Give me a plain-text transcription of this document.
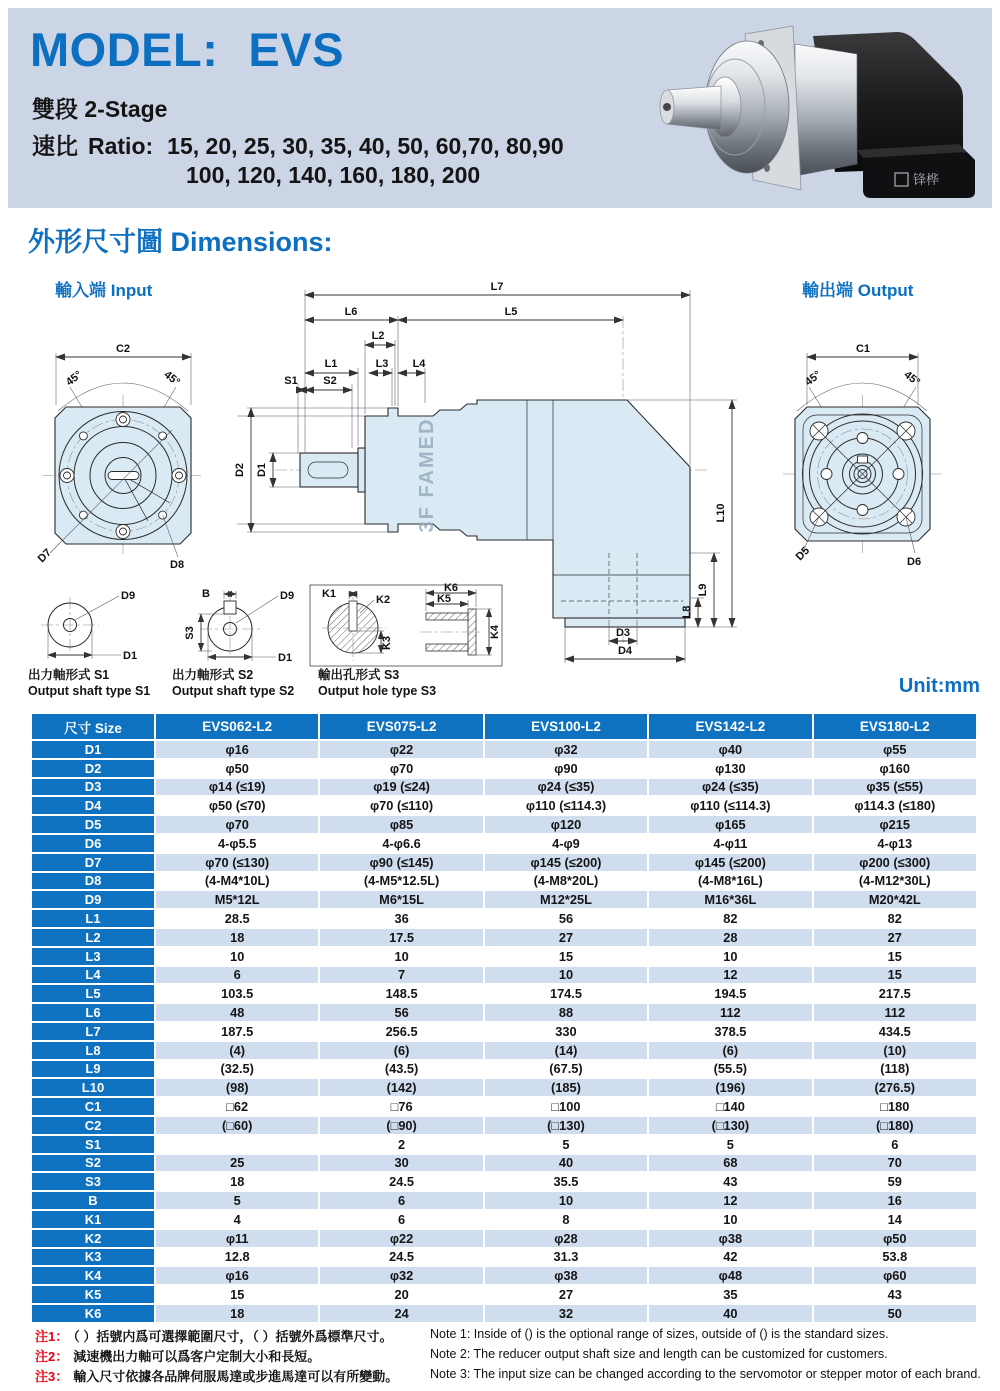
MODEL: EVS
雙段 2-Stage
速比 Ratio: 15, 20, 25, 30, 35, 40, 50, 60,70, 80,90
100, 120, 140, 160, 180, 200	锋桦
外形尺寸圖 Dimensions:
輸入端 Input	輸出端 Output
Unit:mm
C2
45°	45°
D7	D8
3F FAMED
L7
L6	L5
L2
L1	L3 L4
S1 S2
D1
D2
L10
L9
L8
D3
D4
C1
45°	45°
D5	D6
D9
D1
B
S3
D9
D1
K1	K2
K3
K6
K5
K4
出力軸形式 S1
Output shaft type S1
出力軸形式 S2
Output shaft type S2
輸出孔形式 S3
Output hole type S3
尺寸 Size	EVS062-L2	EVS075-L2	EVS100-L2	EVS142-L2	EVS180-L2
D1	φ16	φ22	φ32	φ40	φ55
D2	φ50	φ70	φ90	φ130	φ160
D3	φ14 (≤19)	φ19 (≤24)	φ24 (≤35)	φ24 (≤35)	φ35 (≤55)
D4	φ50 (≤70)	φ70 (≤110)	φ110 (≤114.3)	φ110 (≤114.3)	φ114.3 (≤180)
D5	φ70	φ85	φ120	φ165	φ215
D6	4-φ5.5	4-φ6.6	4-φ9	4-φ11	4-φ13
D7	φ70 (≤130)	φ90 (≤145)	φ145 (≤200)	φ145 (≤200)	φ200 (≤300)
D8	(4-M4*10L)	(4-M5*12.5L)	(4-M8*20L)	(4-M8*16L)	(4-M12*30L)
D9	M5*12L	M6*15L	M12*25L	M16*36L	M20*42L
L1	28.5	36	56	82	82
L2	18	17.5	27	28	27
L3	10	10	15	10	15
L4	6	7	10	12	15
L5	103.5	148.5	174.5	194.5	217.5
L6	48	56	88	112	112
L7	187.5	256.5	330	378.5	434.5
L8	(4)	(6)	(14)	(6)	(10)
L9	(32.5)	(43.5)	(67.5)	(55.5)	(118)
L10	(98)	(142)	(185)	(196)	(276.5)
C1	□62	□76	□100	□140	□180
C2	(□60)	(□90)	(□130)	(□130)	(□180)
S1		2	5	5	6
S2	25	30	40	68	70
S3	18	24.5	35.5	43	59
B	5	6	10	12	16
K1	4	6	8	10	14
K2	φ11	φ22	φ28	φ38	φ50
K3	12.8	24.5	31.3	42	53.8
K4	φ16	φ32	φ38	φ48	φ60
K5	15	20	27	35	43
K6	18	24	32	40	50
注1： （ ）括號内爲可選擇範圍尺寸，（ ）括號外爲標準尺寸。	Note 1: Inside of () is the optional range of sizes, outside of () is the standard sizes.
注2： 減速機出力軸可以爲客户定制大小和長短。	Note 2: The reducer output shaft size and length can be customized for customers.
注3： 輸入尺寸依據各品牌伺服馬達或步進馬達可以有所變動。	Note 3: The input size can be changed according to the servomotor or stepper motor of each brand.
